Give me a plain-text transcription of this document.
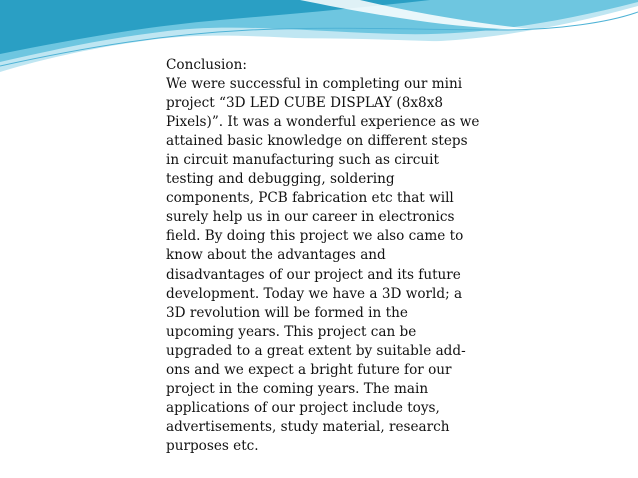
Conclusion:
We were successful in completing our mini
project “3D LED CUBE DISPLAY (8x8x8
Pixels)”. It was a wonderful experience as we
attained basic knowledge on different steps
in circuit manufacturing such as circuit
testing and debugging, soldering
components, PCB fabrication etc that will
surely help us in our career in electronics
field. By doing this project we also came to
know about the advantages and
disadvantages of our project and its future
development. Today we have a 3D world; a
3D revolution will be formed in the
upcoming years. This project can be
upgraded to a great extent by suitable add-
ons and we expect a bright future for our
project in the coming years. The main
applications of our project include toys,
advertisements, study material, research
purposes etc.
